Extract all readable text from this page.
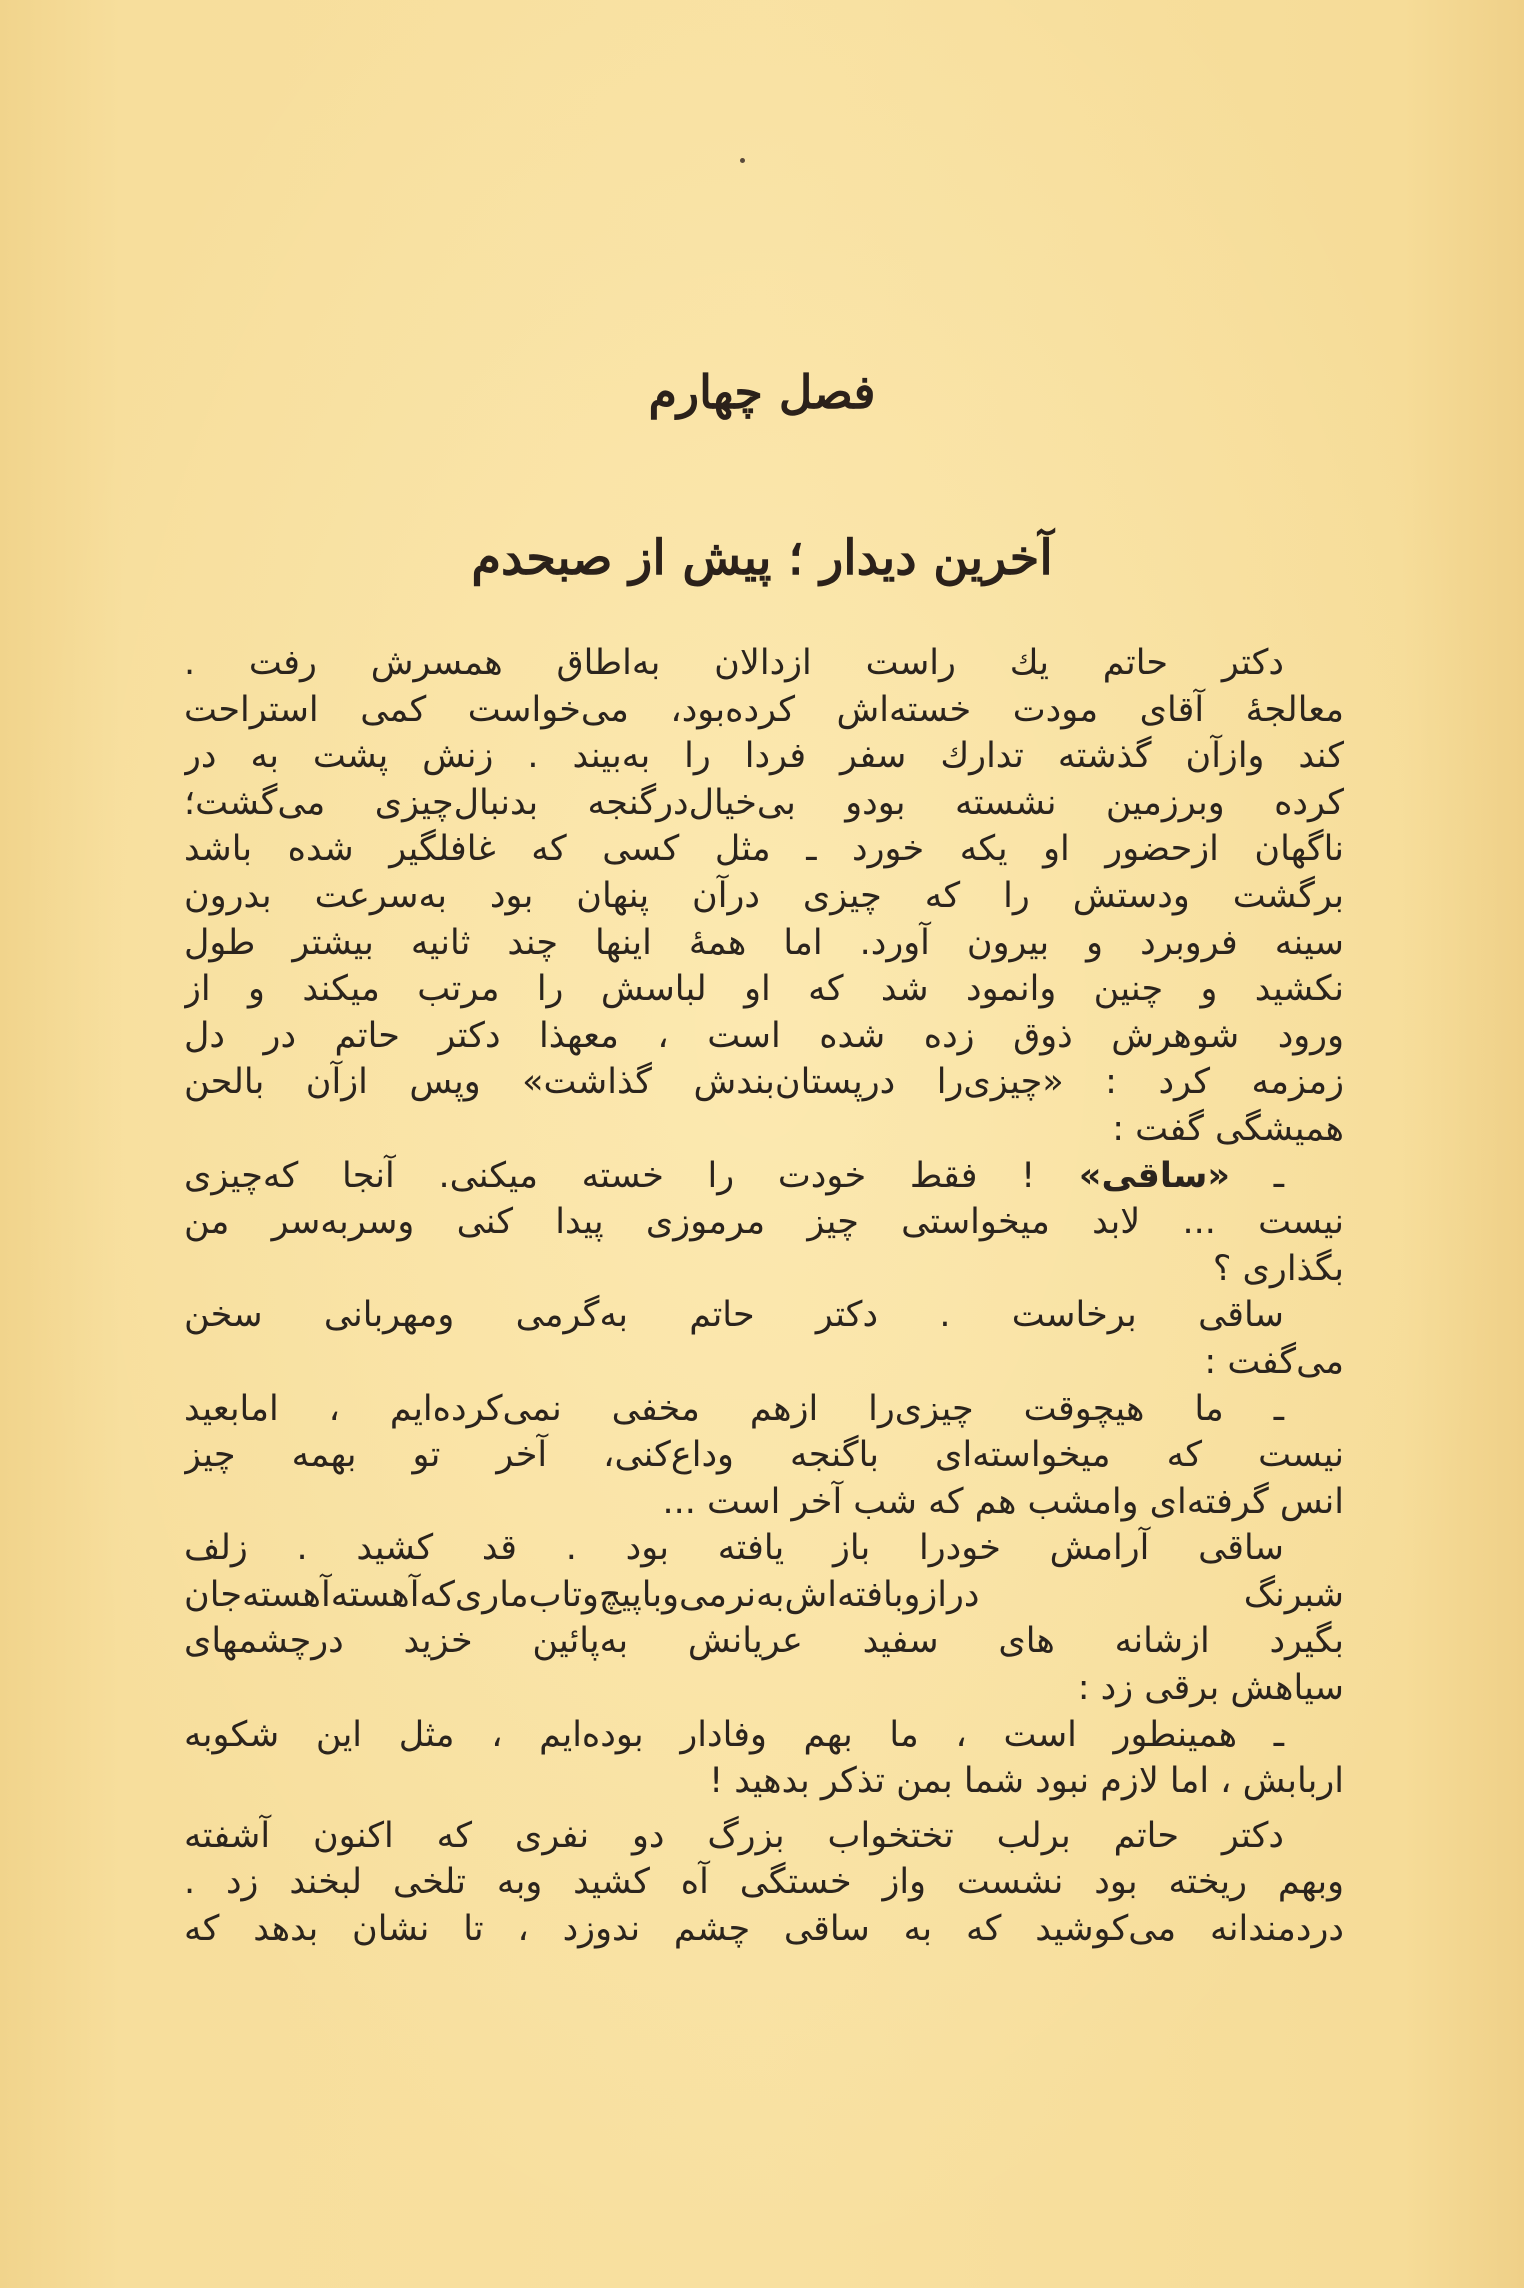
فصل چهارم
آخرین دیدار ؛ پیش از صبحدم
دکتر حاتم یك راست ازدالان به‌اطاق همسرش رفت .
معالجهٔ آقای مودت خسته‌اش کرده‌بود، می‌خواست کمی استراحت
کند وازآن گذشته تدارك سفر فردا را به‌بیند . زنش پشت به در
کرده وبرزمین نشسته بودو بی‌خیال‌درگنجه بدنبال‌چیزی می‌گشت؛
ناگهان ازحضور او یکه خورد ـ مثل کسی که غافلگیر شده باشد
برگشت ودستش را که چیزی درآن پنهان بود به‌سرعت بدرون
سینه فروبرد و بیرون آورد. اما همهٔ اینها چند ثانیه بیشتر طول
نکشید و چنین وانمود شد که او لباسش را مرتب میکند و از
ورود شوهرش ذوق زده شده است ، معهذا دکتر حاتم در دل
زمزمه کرد : «چیزی‌را درپستان‌بندش گذاشت» وپس ازآن بالحن
همیشگی گفت :
ـ «ساقی» ! فقط خودت را خسته میکنی. آنجا که‌چیزی
نیست ... لابد میخواستی چیز مرموزی پیدا کنی وسربه‌سر من
بگذاری ؟
ساقی برخاست . دکتر حاتم به‌گرمی ومهربانی سخن
می‌گفت :
ـ ما هیچوقت چیزی‌را ازهم مخفی نمی‌کرده‌ایم ، امابعید
نیست که میخواسته‌ای باگنجه وداع‌کنی، آخر تو بهمه چیز
انس گرفته‌ای وامشب هم که شب آخر است ...
ساقی آرامش خودرا باز یافته بود . قد کشید . زلف
شبرنگ درازوبافته‌اش‌به‌نرمی‌وباپیچ‌وتاب‌ماری‌که‌آهسته‌آهسته‌جان
بگیرد ازشانه های سفید عریانش به‌پائین خزید درچشمهای
سیاهش برقی زد :
ـ همینطور است ، ما بهم وفادار بوده‌ایم ، مثل این شکوبه
اربابش ، اما لازم نبود شما بمن تذکر بدهید !
دکتر حاتم برلب تختخواب بزرگ دو نفری که اکنون آشفته
وبهم ریخته بود نشست واز خستگی آه کشید وبه تلخی لبخند زد .
دردمندانه می‌کوشید که به ساقی چشم ندوزد ، تا نشان بدهد که
